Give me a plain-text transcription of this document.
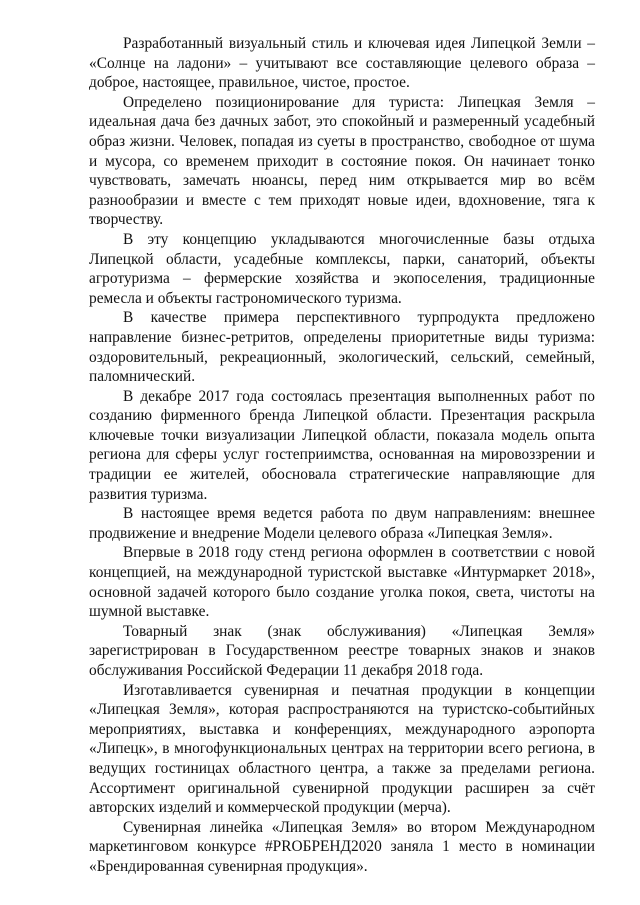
Разработанный визуальный стиль и ключевая идея Липецкой Земли – «Солнце на ладони» – учитывают все составляющие целевого образа – доброе, настоящее, правильное, чистое, простое.

Определено позиционирование для туриста: Липецкая Земля – идеальная дача без дачных забот, это спокойный и размеренный усадебный образ жизни. Человек, попадая из суеты в пространство, свободное от шума и мусора, со временем приходит в состояние покоя. Он начинает тонко чувствовать, замечать нюансы, перед ним открывается мир во всём разнообразии и вместе с тем приходят новые идеи, вдохновение, тяга к творчеству.

В эту концепцию укладываются многочисленные базы отдыха Липецкой области, усадебные комплексы, парки, санаторий, объекты агротуризма – фермерские хозяйства и экопоселения, традиционные ремесла и объекты гастрономического туризма.

В качестве примера перспективного турпродукта предложено направление бизнес-ретритов, определены приоритетные виды туризма: оздоровительный, рекреационный, экологический, сельский, семейный, паломнический.

В декабре 2017 года состоялась презентация выполненных работ по созданию фирменного бренда Липецкой области. Презентация раскрыла ключевые точки визуализации Липецкой области, показала модель опыта региона для сферы услуг гостеприимства, основанная на мировоззрении и традиции ее жителей, обосновала стратегические направляющие для развития туризма.

В настоящее время ведется работа по двум направлениям: внешнее продвижение и внедрение Модели целевого образа «Липецкая Земля».

Впервые в 2018 году стенд региона оформлен в соответствии с новой концепцией, на международной туристской выставке «Интурмаркет 2018», основной задачей которого было создание уголка покоя, света, чистоты на шумной выставке.

Товарный знак (знак обслуживания) «Липецкая Земля» зарегистрирован в Государственном реестре товарных знаков и знаков обслуживания Российской Федерации 11 декабря 2018 года.

Изготавливается сувенирная и печатная продукции в концепции «Липецкая Земля», которая распространяются на туристско-событийных мероприятиях, выставка и конференциях, международного аэропорта «Липецк», в многофункциональных центрах на территории всего региона, в ведущих гостиницах областного центра, а также за пределами региона. Ассортимент оригинальной сувенирной продукции расширен за счёт авторских изделий и коммерческой продукции (мерча).

Сувенирная линейка «Липецкая Земля» во втором Международном маркетинговом конкурсе #PROБРЕНД2020 заняла 1 место в номинации «Брендированная сувенирная продукция».
